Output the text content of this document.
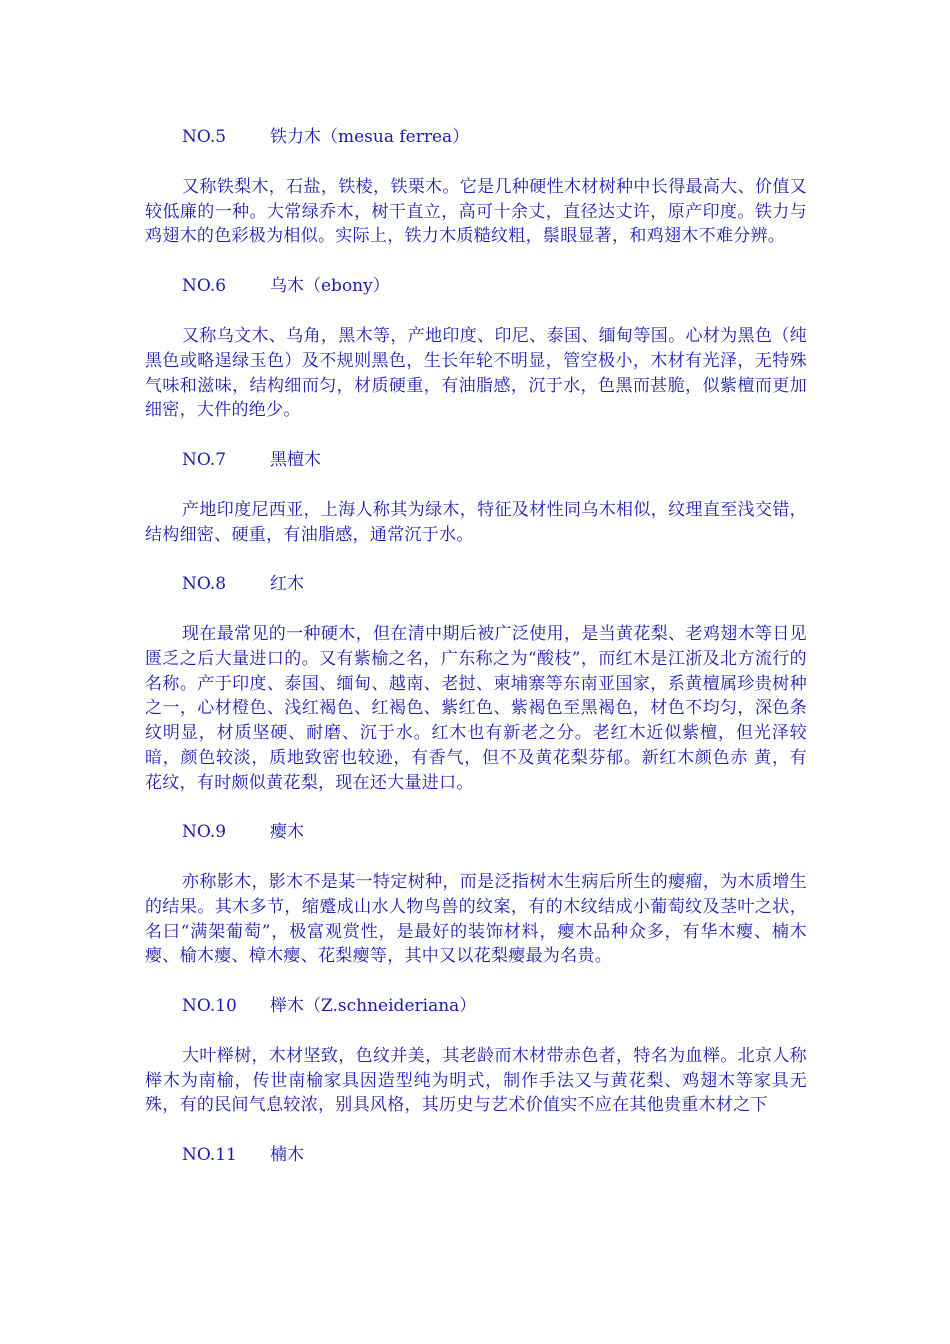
NO.5	铁力木（mesua ferrea）

又称铁梨木，石盐，铁棱，铁栗木。它是几种硬性木材树种中长得最高大、价值又较低廉的一种。大常绿乔木，树干直立，高可十余丈，直径达丈许，原产印度。铁力与鸡翅木的色彩极为相似。实际上，铁力木质糙纹粗，鬃眼显著，和鸡翅木不难分辨。

NO.6	乌木（ebony）

又称乌文木、乌角，黑木等，产地印度、印尼、泰国、缅甸等国。心材为黑色（纯黑色或略逞绿玉色）及不规则黑色，生长年轮不明显，管空极小，木材有光泽，无特殊气味和滋味，结构细而匀，材质硬重，有油脂感，沉于水，色黑而甚脆，似紫檀而更加细密，大件的绝少。

NO.7	黑檀木

产地印度尼西亚，上海人称其为绿木，特征及材性同乌木相似，纹理直至浅交错，结构细密、硬重，有油脂感，通常沉于水。

NO.8	红木

现在最常见的一种硬木，但在清中期后被广泛使用，是当黄花梨、老鸡翅木等日见匮乏之后大量进口的。又有紫榆之名，广东称之为“酸枝”，而红木是江浙及北方流行的名称。产于印度、泰国、缅甸、越南、老挝、柬埔寨等东南亚国家，系黄檀属珍贵树种之一，心材橙色、浅红褐色、红褐色、紫红色、紫褐色至黑褐色，材色不均匀，深色条纹明显，材质坚硬、耐磨、沉于水。红木也有新老之分。老红木近似紫檀，但光泽较暗，颜色较淡，质地致密也较逊，有香气，但不及黄花梨芬郁。新红木颜色赤 黄，有花纹，有时颇似黄花梨，现在还大量进口。

NO.9	瘿木

亦称影木，影木不是某一特定树种，而是泛指树木生病后所生的瘿瘤，为木质增生的结果。其木多节，缩蹙成山水人物鸟兽的纹案，有的木纹结成小葡萄纹及茎叶之状，名曰“满架葡萄”，极富观赏性，是最好的装饰材料，瘿木品种众多，有华木瘿、楠木瘿、榆木瘿、樟木瘿、花梨瘿等，其中又以花梨瘿最为名贵。

NO.10 榉木（Z.schneideriana）

大叶榉树，木材坚致，色纹并美，其老龄而木材带赤色者，特名为血榉。北京人称榉木为南榆，传世南榆家具因造型纯为明式，制作手法又与黄花梨、鸡翅木等家具无殊，有的民间气息较浓，别具风格，其历史与艺术价值实不应在其他贵重木材之下

NO.11 楠木
